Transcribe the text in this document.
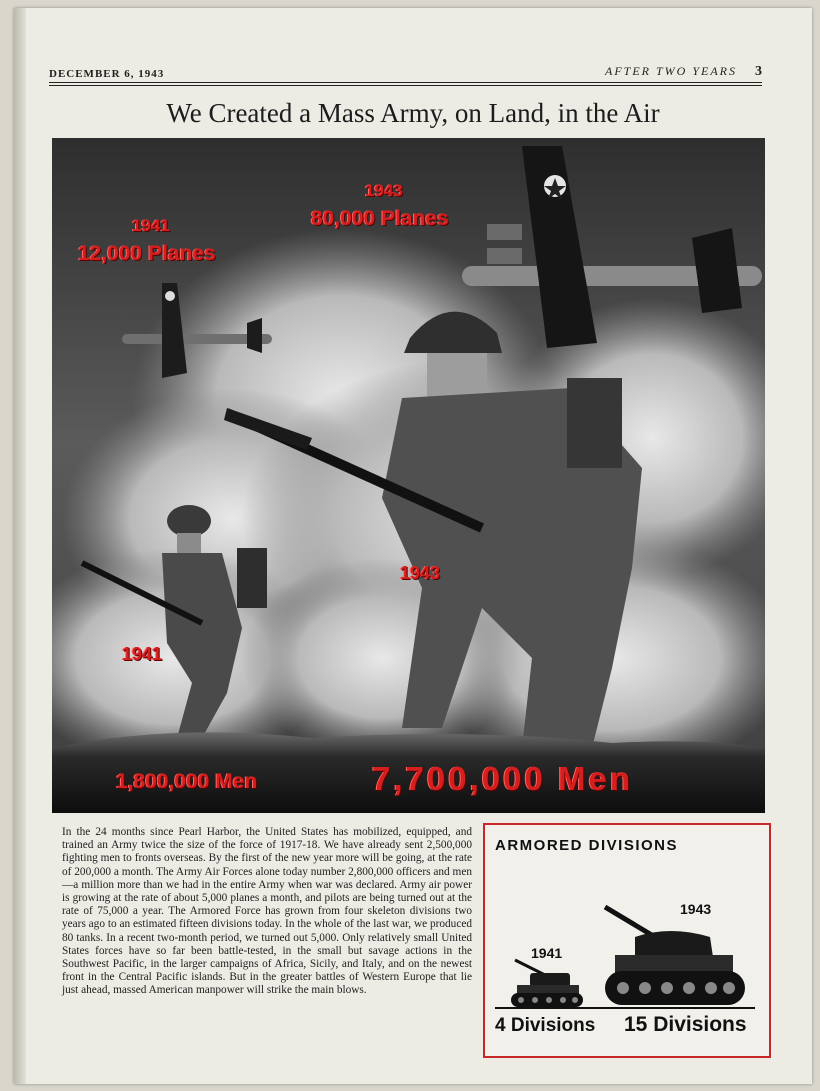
DECEMBER 6, 1943	AFTER TWO YEARS 3
We Created a Mass Army, on Land, in the Air
1941
12,000 Planes
1943
80,000 Planes
1943
1941
1,800,000 Men	7,700,000 Men
In the 24 months since Pearl Harbor, the United States has mobilized, equipped, and trained an Army twice the size of the force of 1917-18. We have already sent 2,500,000 fighting men to fronts overseas. By the first of the new year more will be going, at the rate of 200,000 a month. The Army Air Forces alone today number 2,800,000 officers and men—a million more than we had in the entire Army when war was declared. Army air power is growing at the rate of about 5,000 planes a month, and pilots are being turned out at the rate of 75,000 a year. The Armored Force has grown from four skeleton divisions two years ago to an estimated fifteen divisions today. In the whole of the last war, we produced 80 tanks. In a recent two-month period, we turned out 5,000. Only relatively small United States forces have so far been battle-tested, in the small but savage actions in the Southwest Pacific, in the larger campaigns of Africa, Sicily, and Italy, and on the newest front in the Central Pacific islands. But in the greater battles of Western Europe that lie just ahead, massed American manpower will strike the main blows.
ARMORED DIVISIONS
1941
1943
4 Divisions 15 Divisions
